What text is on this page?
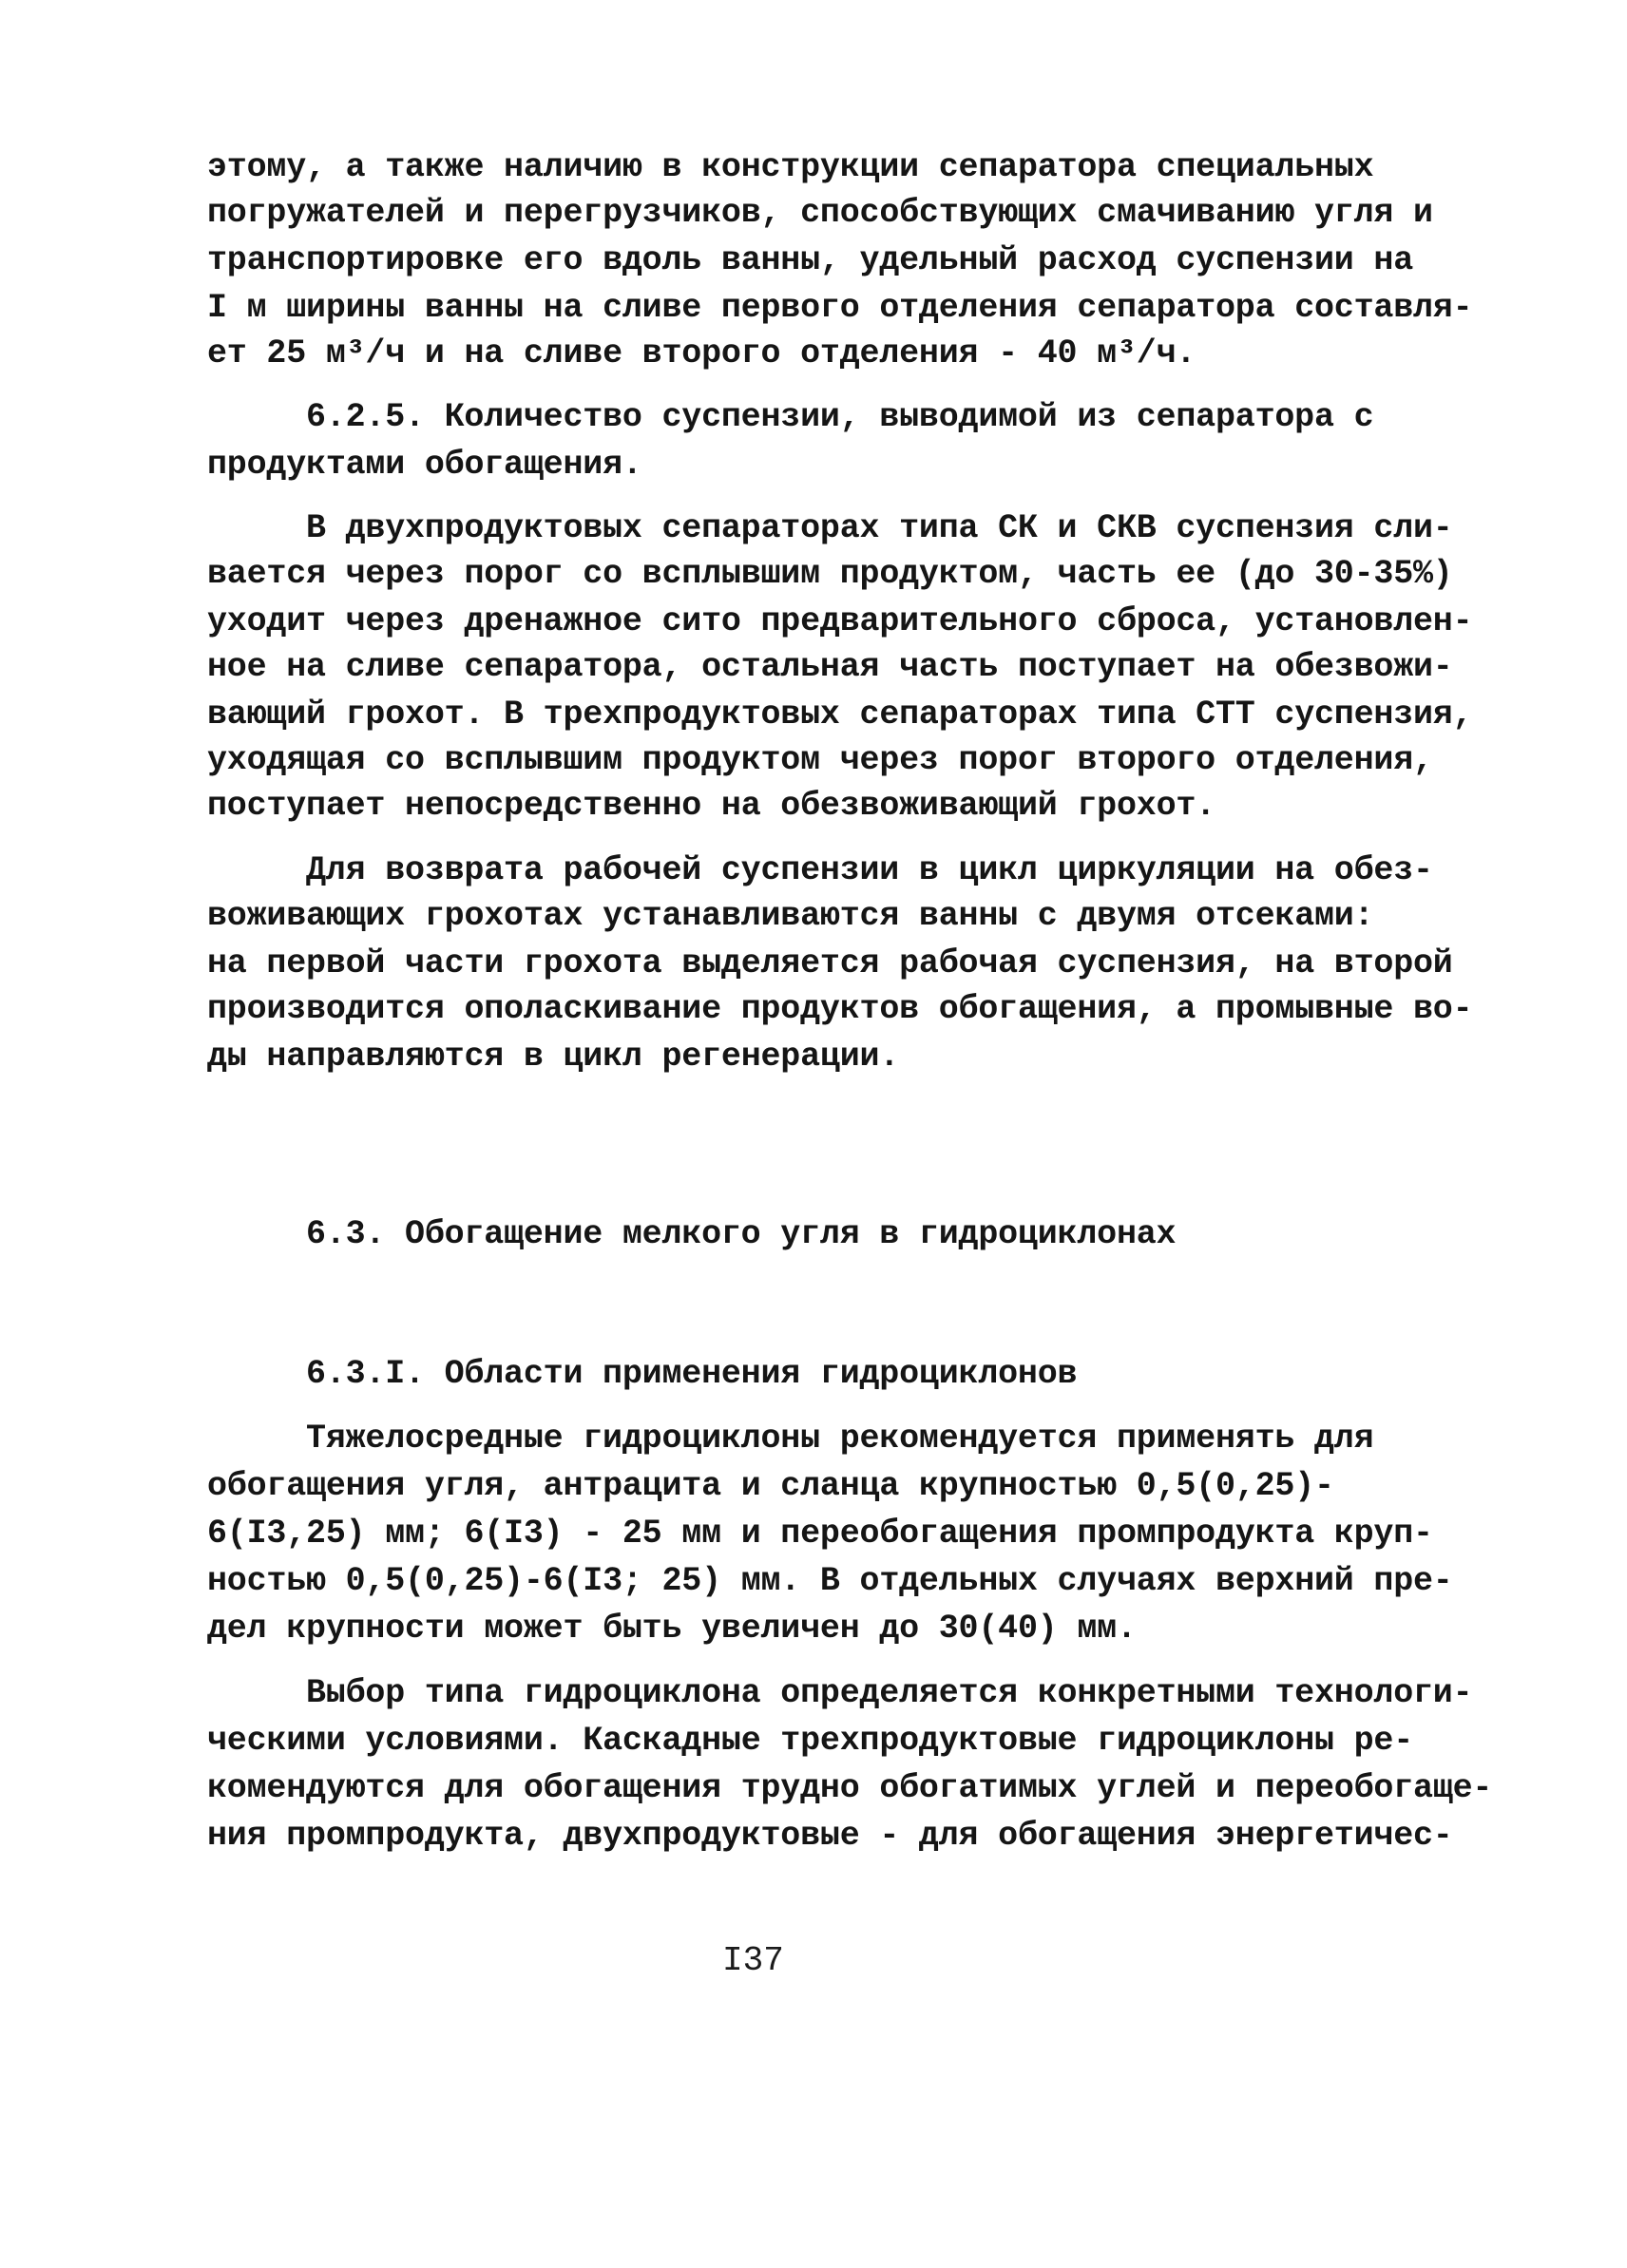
этому, а также наличию в конструкции сепаратора специальных
погружателей и перегрузчиков, способствующих смачиванию угля и
транспортировке его вдоль ванны, удельный расход суспензии на
I м ширины ванны на сливе первого отделения сепаратора составля-
ет 25 м³/ч и на сливе второго отделения - 40 м³/ч.
6.2.5. Количество суспензии, выводимой из сепаратора с
продуктами обогащения.
В двухпродуктовых сепараторах типа СК и СКВ суспензия сли-
вается через порог со всплывшим продуктом, часть ее (до 30-35%)
уходит через дренажное сито предварительного сброса, установлен-
ное на сливе сепаратора, остальная часть поступает на обезвожи-
вающий грохот. В трехпродуктовых сепараторах типа СТТ суспензия,
уходящая со всплывшим продуктом через порог второго отделения,
поступает непосредственно на обезвоживающий грохот.
Для возврата рабочей суспензии в цикл циркуляции на обез-
воживающих грохотах устанавливаются ванны с двумя отсеками:
на первой части грохота выделяется рабочая суспензия, на второй
производится ополаскивание продуктов обогащения, а промывные во-
ды направляются в цикл регенерации.
6.3. Обогащение мелкого угля в гидроциклонах
6.3.I. Области применения гидроциклонов
Тяжелосредные гидроциклоны рекомендуется применять для
обогащения угля, антрацита и сланца крупностью 0,5(0,25)-
6(I3,25) мм; 6(I3) - 25 мм и переобогащения промпродукта круп-
ностью 0,5(0,25)-6(I3; 25) мм. В отдельных случаях верхний пре-
дел крупности может быть увеличен до 30(40) мм.
Выбор типа гидроциклона определяется конкретными технологи-
ческими условиями. Каскадные трехпродуктовые гидроциклоны ре-
комендуются для обогащения трудно обогатимых углей и переобогаще-
ния промпродукта, двухпродуктовые - для обогащения энергетичес-
I37
